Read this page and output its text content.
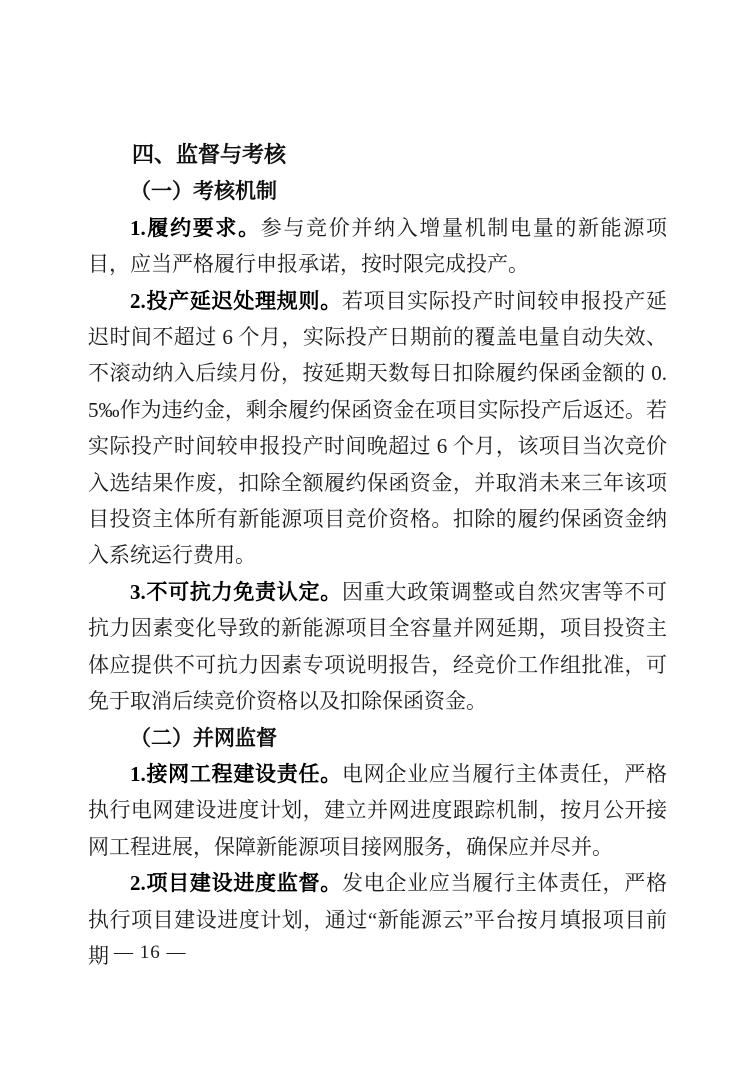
四、监督与考核
（一）考核机制

1.履约要求。参与竞价并纳入增量机制电量的新能源项目，应当严格履行申报承诺，按时限完成投产。

2.投产延迟处理规则。若项目实际投产时间较申报投产延迟时间不超过 6 个月，实际投产日期前的覆盖电量自动失效、不滚动纳入后续月份，按延期天数每日扣除履约保函金额的 0.5‰作为违约金，剩余履约保函资金在项目实际投产后返还。若实际投产时间较申报投产时间晚超过 6 个月，该项目当次竞价入选结果作废，扣除全额履约保函资金，并取消未来三年该项目投资主体所有新能源项目竞价资格。扣除的履约保函资金纳入系统运行费用。

3.不可抗力免责认定。因重大政策调整或自然灾害等不可抗力因素变化导致的新能源项目全容量并网延期，项目投资主体应提供不可抗力因素专项说明报告，经竞价工作组批准，可免于取消后续竞价资格以及扣除保函资金。

（二）并网监督

1.接网工程建设责任。电网企业应当履行主体责任，严格执行电网建设进度计划，建立并网进度跟踪机制，按月公开接网工程进展，保障新能源项目接网服务，确保应并尽并。

2.项目建设进度监督。发电企业应当履行主体责任，严格执行项目建设进度计划，通过“新能源云”平台按月填报项目前期 — 16 —
